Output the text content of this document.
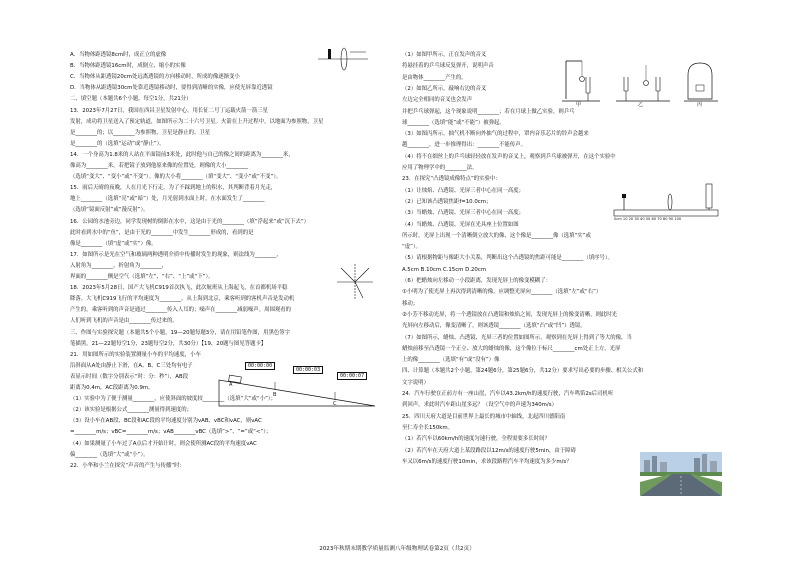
A．当物体距透镜8cm时，成正立的虚像
B．当物体距透镜16cm时，成倒立、缩小的实像
C．当物体从距透镜20cm处远离透镜的方向移动时，所成的像逐渐变小
D．当物体从距透镜30cm处靠近透镜移动时，要得到清晰的实像，应使光屏靠近透镜
二、填空题（本题共6个小题，每空1分，共21分）
13．2023年7月27日，我国在西昌卫星发射中心，用长征二号丁运载火箭一箭三星
发射，成功将卫星送入了预定轨道，如图所示为二十六号卫星。火箭在上升过程中，以地面为参照物，卫星
是________的；以________为参照物，卫星是静止的。卫星
是________的（选填“运动”或“静止”）。
14．一个身高为1.8米的人站在平面镜前3米处，此时他与自己的像之间的距离为________米，
像高为________米。若把镜子放到他原来像的位置处，则像的大小________
（选填“变大”、“变小”或“不变”）。像的大小将________（填“变大”、“变小”或“不变”）。
15．雨后天晴的夜晚，人在月光下行走，为了不踩到地上的积水，其判断背着月光走，
地上________（选填“亮”或“暗”）处，月光射到水面上时，在水面发生了________
（选填“镜面反射”或“漫反射”）。
16．公园的水池旁边，同学发现树的倒影在水中，这是由于光的________（填“浮起来”或“沉下去”）
此时看到水中的“鱼”，是由于光的________中发生________形成的，看到的是
像是________（填“虚”或“实”）像。
17．如图所示是光在空气和玻璃两种透明介质中传播时发生的现象，则法线为________，
入射角为________，折射角为________，
界面的________侧是空气（选填“左”、“右”、“上”或“下”）。
18．2023年5月28日，国产大飞机C919首次执飞，此次航班从上海起飞，在首都机场平稳
降落。大飞机C919飞行的平均速度为________，从上海到北京，乘客听到的客机声音是发动机
产生的，乘客听到的声音是通过________传入人耳的；噪声在________减弱噪声。周围观看的
人们听到飞机的声音是由________传过来的。
三、作图与实验探究题（本题共5个小题，19—20题每题3分，请在用铅笔作图，用黑色签字
笔描黑。21—22题每空1分，23题每空2分，共30分）【19、20题与图见答题卡】
21．用如图所示的实验装置测量小车的平均速度，小车
沿斜面从A处由静止下滑，在A、B、C三处均有电子
表显示时间（数字分别表示“时：分：秒”），AB段
距离为0.4m，AC段距离为0.9m。
（1）实验中为了便于测量________，应使斜面的坡度较________（选填“大”或“小”）；
（2）该实验是根据公式________测量得到速度的；
（3）设小车在AB段、BC段和AC段的平均速度分别为vAB、vBC和vAC，则vAC
=________m/s；vBC=________m/s；vAB________vBC（选填“>”、“=”或“<”）；
（4）如果测量了小车过了A点后才开始计时，则会使所测AC段的平均速度vAC
偏________（选填“大”或“小”）。
22．小华和小兰在探究“声音的产生与传播”时：
（1）如图甲所示，正在发声的音叉
将悬挂着的乒乓球反复弹开，说明声音
是由物体________产生的。
（2）如图乙所示，敲响右边的音叉
左边完全相同的音叉也会发声
并把乒乓球弹起，这个现象说明________；若在月球上做乙实验，则乒乓
球________（选填“能”或“不能”）被弹起。
（3）如图丙所示，抽气机不断向外抽气的过程中，罩内音乐芯片的铃声会越来
越________，进一步推理得出：________不能传声。
（4）将不在细丝上的乒乓球轻轻放在发声的音叉上，观察到乒乓球被弹开，在这个实验中
应用了物理学中的________法。
23．在探究“凸透镜成像特点”的实验中：
（1）让烛焰、凸透镜、光屏三者中心在同一高度；
（2）已知该凸透镜焦距f=10.0cm；
（3）当蜡烛、凸透镜、光屏三者中心在同一高度；
（4）当蜡烛、凸透镜、光屏在光具座上位置如图
所示时，光屏上出现一个清晰倒立放大的像，这个像是________像（选填“实”或
“虚”）。
（5）请根据物距与像距大小关系，判断出这个凸透镜的焦距可能是________（填序号）。
A.5cm B.10cm C.15cm D.20cm
（6）把蜡烛向左移动一小段距离，发现光屏上的像变模糊了：
①小明为了使光屏上再次得到清晰的像，应调整光屏向________（选填“左”或“右”）
移动；
②小芳不移动光屏，将一个透镜放在凸透镜和烛焰之间，发现光屏上的像变清晰，则此时光
光屏向左移动后，像变清晰了，则该透镜________（选填“凸”或“凹”）透镜。
（7）如图所示，蜡烛、凸透镜、光屏三者的位置如图所示，观察到在光屏上得到了等大的像，当
蜡烛前移至凸透镜一个正立、放大的蜡烛的像，这个像位于标尺________cm处正上方，光屏
上的像________（选填“有”或“没有”）像
四、计算题（本题共2个小题，第24题6分，第25题6分，共12分）要求写出必要的步骤、相关公式和
文字说明）
24．汽车行驶在正前方有一座山崖，汽车以43.2km/h的速度行驶，汽车鸣笛2s后司机听
到回声，求此时汽车距山崖多远？（设空气中的声速为340m/s）
25．四川天府大道是目前世界上最长的城市中轴线，北起四川德阳南
至仁寿全长150km。
（1）若汽车以60km/h的速度匀速行驶，全程需要多长时间？
（2）若汽车在天府大道上某段路段以12m/s的速度行驶5min，由于障碍
车又以6m/s的速度行驶10min，求该段路程汽车平均速度为多少m/s？
00:00:00
00:00:03
00:00:07
A
B
C
甲	乙	丙
0cm 10 20 30 40 50 60 70 80 90 100
2023年秋期末期教学质量监测八年级物理试卷第2页（共2页）
